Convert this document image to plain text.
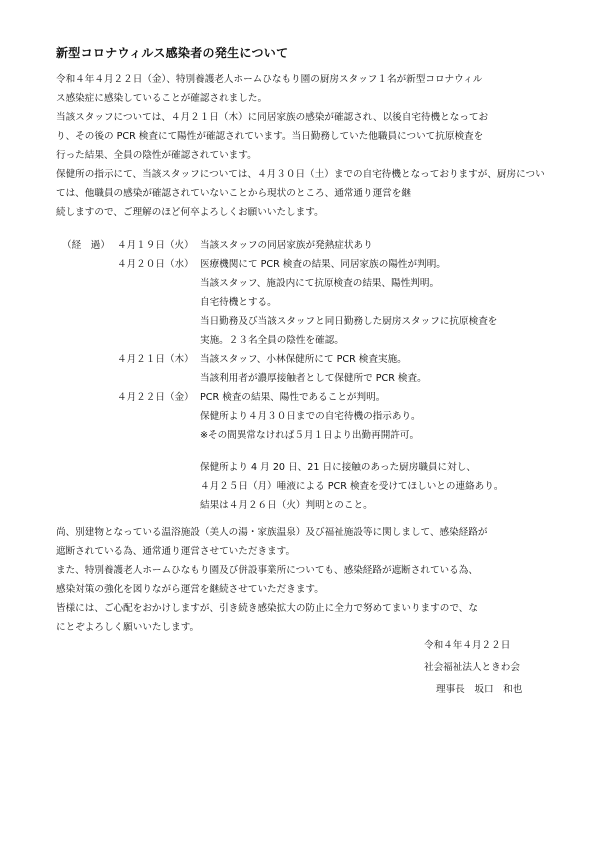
新型コロナウィルス感染者の発生について
令和４年４月２２日（金）、特別養護老人ホームひなもり園の厨房スタッフ１名が新型コロナウィル
ス感染症に感染していることが確認されました。
当該スタッフについては、４月２１日（木）に同居家族の感染が確認され、以後自宅待機となってお
り、その後の PCR 検査にて陽性が確認されています。当日勤務していた他職員について抗原検査を
行った結果、全員の陰性が確認されています。
保健所の指示にて、当該スタッフについては、４月３０日（土）までの自宅待機となっておりますが、厨房については、他職員の感染が確認されていないことから現状のところ、通常通り運営を継
続しますので、ご理解のほど何卒よろしくお願いいたします。
（経　過） ４月１９日（火） 当該スタッフの同居家族が発熱症状あり
４月２０日（水） 医療機関にて PCR 検査の結果、同居家族の陽性が判明。
当該スタッフ、施設内にて抗原検査の結果、陽性判明。
自宅待機とする。
当日勤務及び当該スタッフと同日勤務した厨房スタッフに抗原検査を
実施。２３名全員の陰性を確認。
４月２１日（木） 当該スタッフ、小林保健所にて PCR 検査実施。
当該利用者が濃厚接触者として保健所で PCR 検査。
４月２２日（金） PCR 検査の結果、陽性であることが判明。
保健所より４月３０日までの自宅待機の指示あり。
※その間異常なければ５月１日より出勤再開許可。
保健所より 4 月 20 日、21 日に接触のあった厨房職員に対し、
４月２５日（月）唾液による PCR 検査を受けてほしいとの連絡あり。
結果は４月２６日（火）判明とのこと。
尚、別建物となっている温浴施設（美人の湯・家族温泉）及び福祉施設等に関しまして、感染経路が
遮断されている為、通常通り運営させていただきます。
また、特別養護老人ホームひなもり園及び併設事業所についても、感染経路が遮断されている為、
感染対策の強化を図りながら運営を継続させていただきます。
皆様には、ご心配をおかけしますが、引き続き感染拡大の防止に全力で努めてまいりますので、な
にとぞよろしく願いいたします。
令和４年４月２２日
社会福祉法人ときわ会
理事長　坂口　和也
